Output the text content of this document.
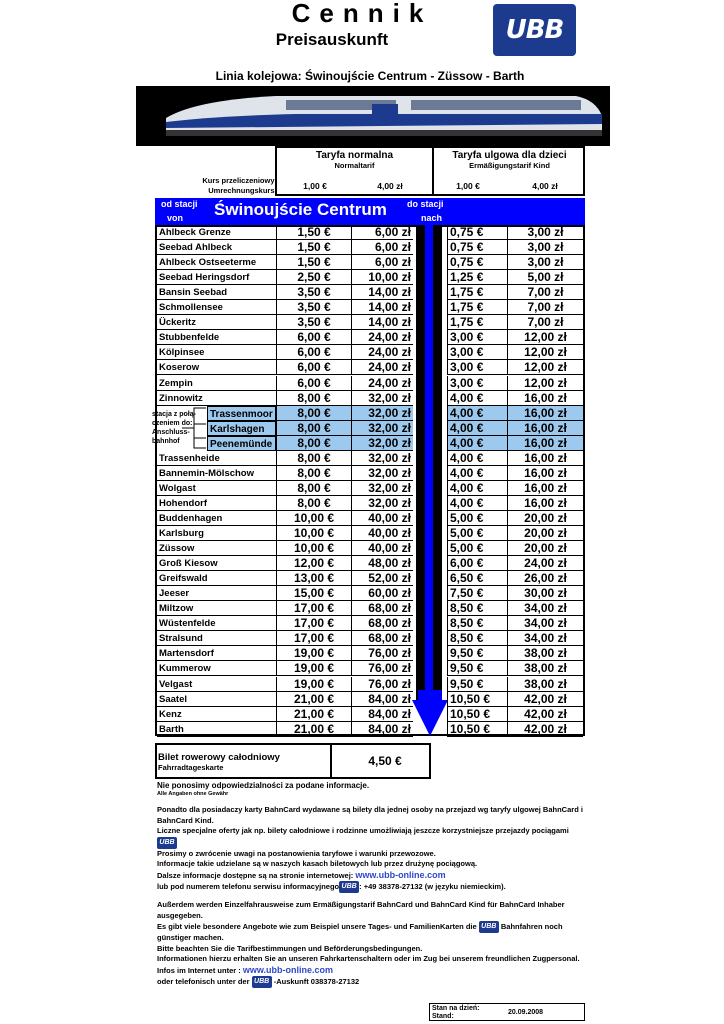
Cennik
Preisauskunft	UBB
Linia kolejowa: Świnoujście Centrum - Züssow - Barth
Taryfa normalna
Normaltarif
Taryfa ulgowa dla dzieci
Ermäßigungstarif Kind
Kurs przeliczeniowy:
Umrechnungskurs:	1,00 €	4,00 zł	1,00 €	4,00 zł
od stacji
von Świnoujście Centrum do stacji
nach
stacja z połą-czeniem do: Anschluss-bahnhof
Ahlbeck Grenze	1,50 €	6,00 zł	0,75 €	3,00 zł
Seebad Ahlbeck	1,50 €	6,00 zł	0,75 €	3,00 zł
Ahlbeck Ostseeterme	1,50 €	6,00 zł	0,75 €	3,00 zł
Seebad Heringsdorf	2,50 €	10,00 zł	1,25 €	5,00 zł
Bansin Seebad	3,50 €	14,00 zł	1,75 €	7,00 zł
Schmollensee	3,50 €	14,00 zł	1,75 €	7,00 zł
Ückeritz	3,50 €	14,00 zł	1,75 €	7,00 zł
Stubbenfelde	6,00 €	24,00 zł	3,00 €	12,00 zł
Kölpinsee	6,00 €	24,00 zł	3,00 €	12,00 zł
Koserow	6,00 €	24,00 zł	3,00 €	12,00 zł
Zempin	6,00 €	24,00 zł	3,00 €	12,00 zł
Zinnowitz	8,00 €	32,00 zł	4,00 €	16,00 zł
Trassenmoor	8,00 €	32,00 zł	4,00 €	16,00 zł
Karlshagen	8,00 €	32,00 zł	4,00 €	16,00 zł
Peenemünde	8,00 €	32,00 zł	4,00 €	16,00 zł
Trassenheide	8,00 €	32,00 zł	4,00 €	16,00 zł
Bannemin-Mölschow	8,00 €	32,00 zł	4,00 €	16,00 zł
Wolgast	8,00 €	32,00 zł	4,00 €	16,00 zł
Hohendorf	8,00 €	32,00 zł	4,00 €	16,00 zł
Buddenhagen	10,00 €	40,00 zł	5,00 €	20,00 zł
Karlsburg	10,00 €	40,00 zł	5,00 €	20,00 zł
Züssow	10,00 €	40,00 zł	5,00 €	20,00 zł
Groß Kiesow	12,00 €	48,00 zł	6,00 €	24,00 zł
Greifswald	13,00 €	52,00 zł	6,50 €	26,00 zł
Jeeser	15,00 €	60,00 zł	7,50 €	30,00 zł
Miltzow	17,00 €	68,00 zł	8,50 €	34,00 zł
Wüstenfelde	17,00 €	68,00 zł	8,50 €	34,00 zł
Stralsund	17,00 €	68,00 zł	8,50 €	34,00 zł
Martensdorf	19,00 €	76,00 zł	9,50 €	38,00 zł
Kummerow	19,00 €	76,00 zł	9,50 €	38,00 zł
Velgast	19,00 €	76,00 zł	9,50 €	38,00 zł
Saatel	21,00 €	84,00 zł	10,50 €	42,00 zł
Kenz	21,00 €	84,00 zł	10,50 €	42,00 zł
Barth	21,00 €	84,00 zł	10,50 €	42,00 zł
Bilet rowerowy całodniowy
Fahrradtageskarte	4,50 €
Nie ponosimy odpowiedzialności za podane informacje.
Alle Angaben ohne Gewähr
Ponadto dla posiadaczy karty BahnCard wydawane są bilety dla jednej osoby na przejazd wg taryfy ulgowej BahnCard i BahnCard Kind.
Liczne specjalne oferty jak np. bilety całodniowe i rodzinne umożliwiają jeszcze korzystniejsze przejazdy pociągami UBB
Prosimy o zwrócenie uwagi na postanowienia taryfowe i warunki przewozowe.
Informacje takie udzielane są w naszych kasach biletowych lub przez drużynę pociągową.
Dalsze informacje dostępne są na stronie internetowej: www.ubb-online.com
lub pod numerem telefonu serwisu informacyjnego UBB : +49 38378-27132 (w języku niemieckim).
Außerdem werden Einzelfahrausweise zum Ermäßigungstarif BahnCard und BahnCard Kind für BahnCard Inhaber ausgegeben.
Es gibt viele besondere Angebote wie zum Beispiel unsere Tages- und FamilienKarten die UBB Bahnfahren noch günstiger machen.
Bitte beachten Sie die Tarifbestimmungen und Beförderungsbedingungen.
Informationen hierzu erhalten Sie an unseren Fahrkartenschaltern oder im Zug bei unserem freundlichen Zugpersonal.
Infos im Internet unter : www.ubb-online.com
oder telefonisch unter der UBB -Auskunft 038378-27132
Stan na dzień:
Stand:
20.09.2008
